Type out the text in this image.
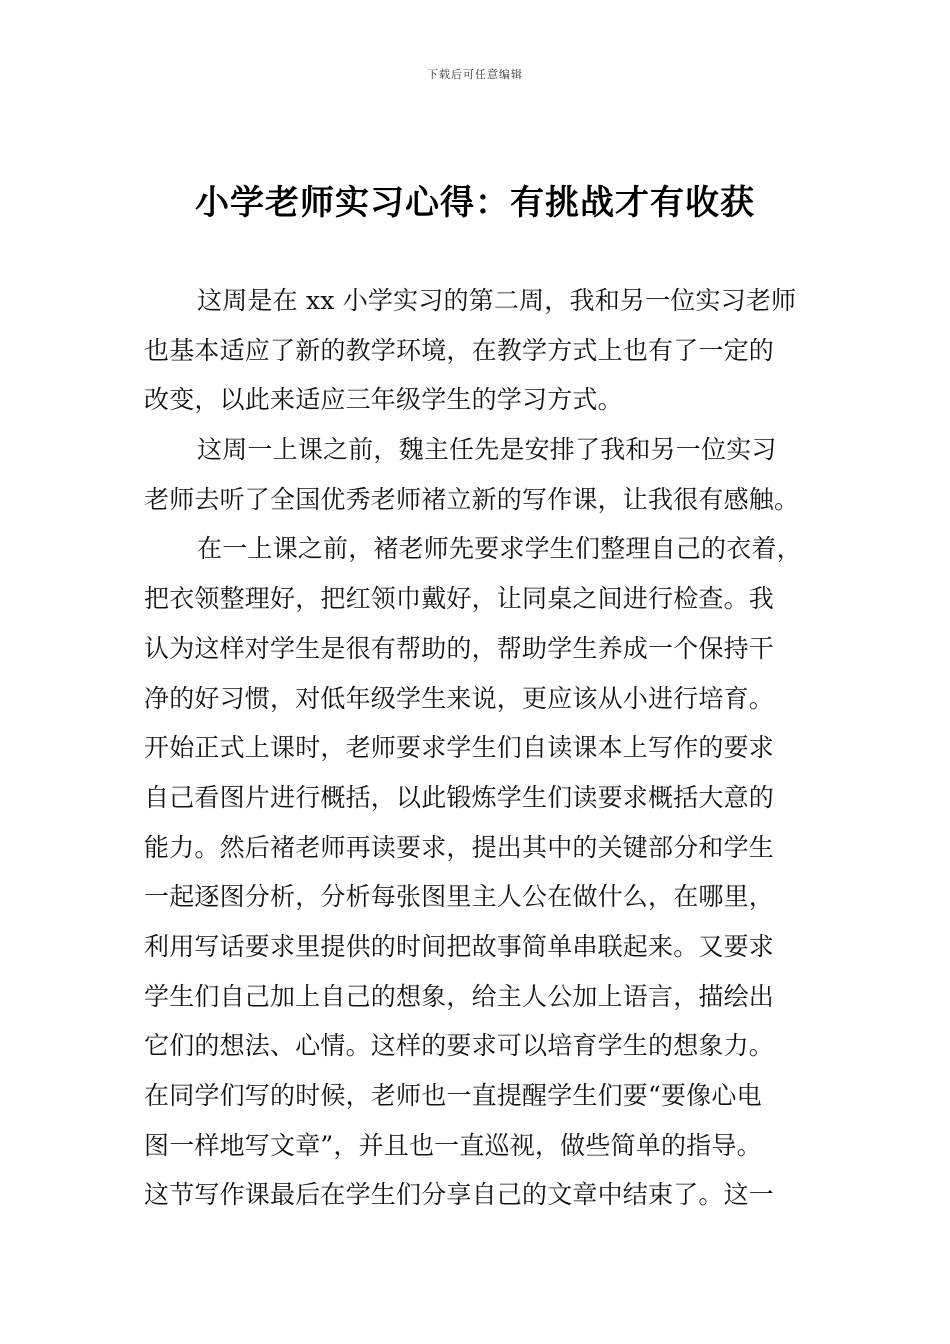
下载后可任意编辑
小学老师实习心得：有挑战才有收获
这周是在 xx 小学实习的第二周，我和另一位实习老师
也基本适应了新的教学环境，在教学方式上也有了一定的
改变，以此来适应三年级学生的学习方式。
这周一上课之前，魏主任先是安排了我和另一位实习
老师去听了全国优秀老师褚立新的写作课，让我很有感触。
在一上课之前，褚老师先要求学生们整理自己的衣着，
把衣领整理好，把红领巾戴好，让同桌之间进行检查。我
认为这样对学生是很有帮助的，帮助学生养成一个保持干
净的好习惯，对低年级学生来说，更应该从小进行培育。
开始正式上课时，老师要求学生们自读课本上写作的要求
自己看图片进行概括，以此锻炼学生们读要求概括大意的
能力。然后褚老师再读要求，提出其中的关键部分和学生
一起逐图分析，分析每张图里主人公在做什么，在哪里，
利用写话要求里提供的时间把故事简单串联起来。又要求
学生们自己加上自己的想象，给主人公加上语言，描绘出
它们的想法、心情。这样的要求可以培育学生的想象力。
在同学们写的时候，老师也一直提醒学生们要“要像心电
图一样地写文章”，并且也一直巡视，做些简单的指导。
这节写作课最后在学生们分享自己的文章中结束了。这一
